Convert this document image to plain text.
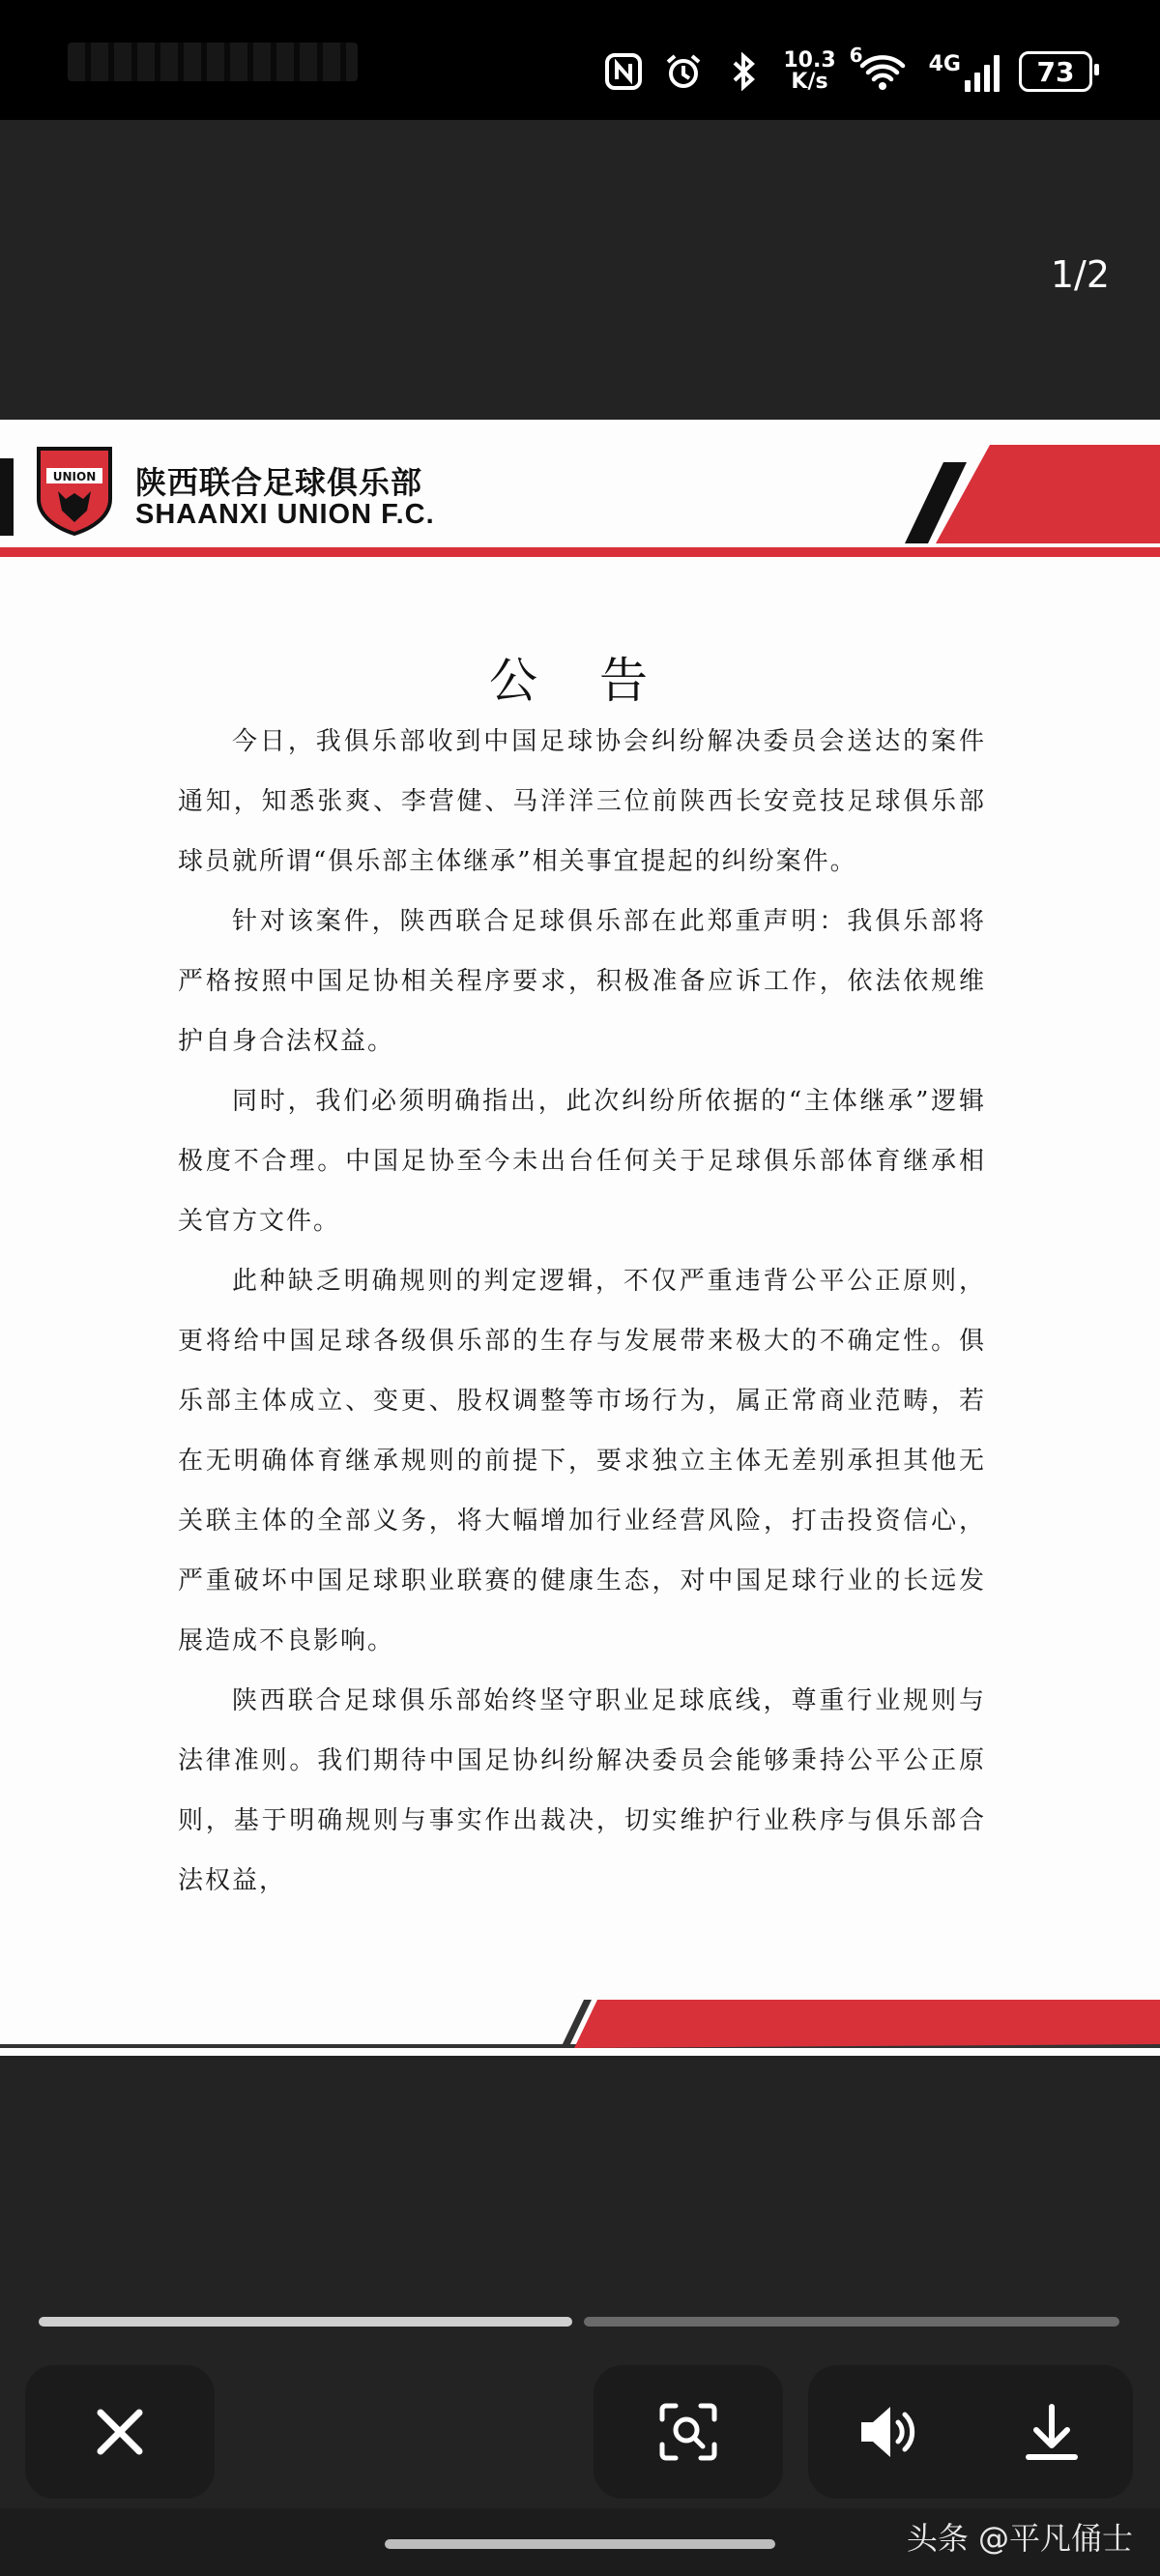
10.3
K/s
6	4G	73
1/2
UNION 陕西联合足球俱乐部
SHAANXI UNION F.C.
公 告

今日，我俱乐部收到中国足球协会纠纷解决委员会送达的案件通知，知悉张爽、李营健、马洋洋三位前陕西长安竞技足球俱乐部球员就所谓“俱乐部主体继承”相关事宜提起的纠纷案件。

针对该案件，陕西联合足球俱乐部在此郑重声明：我俱乐部将严格按照中国足协相关程序要求，积极准备应诉工作，依法依规维护自身合法权益。

同时，我们必须明确指出，此次纠纷所依据的“主体继承”逻辑极度不合理。中国足协至今未出台任何关于足球俱乐部体育继承相关官方文件。

此种缺乏明确规则的判定逻辑，不仅严重违背公平公正原则，更将给中国足球各级俱乐部的生存与发展带来极大的不确定性。俱乐部主体成立、变更、股权调整等市场行为，属正常商业范畴，若在无明确体育继承规则的前提下，要求独立主体无差别承担其他无关联主体的全部义务，将大幅增加行业经营风险，打击投资信心，严重破坏中国足球职业联赛的健康生态，对中国足球行业的长远发展造成不良影响。

陕西联合足球俱乐部始终坚守职业足球底线，尊重行业规则与法律准则。我们期待中国足协纠纷解决委员会能够秉持公平公正原则，基于明确规则与事实作出裁决，切实维护行业秩序与俱乐部合法权益，

头条 @平凡俑士
